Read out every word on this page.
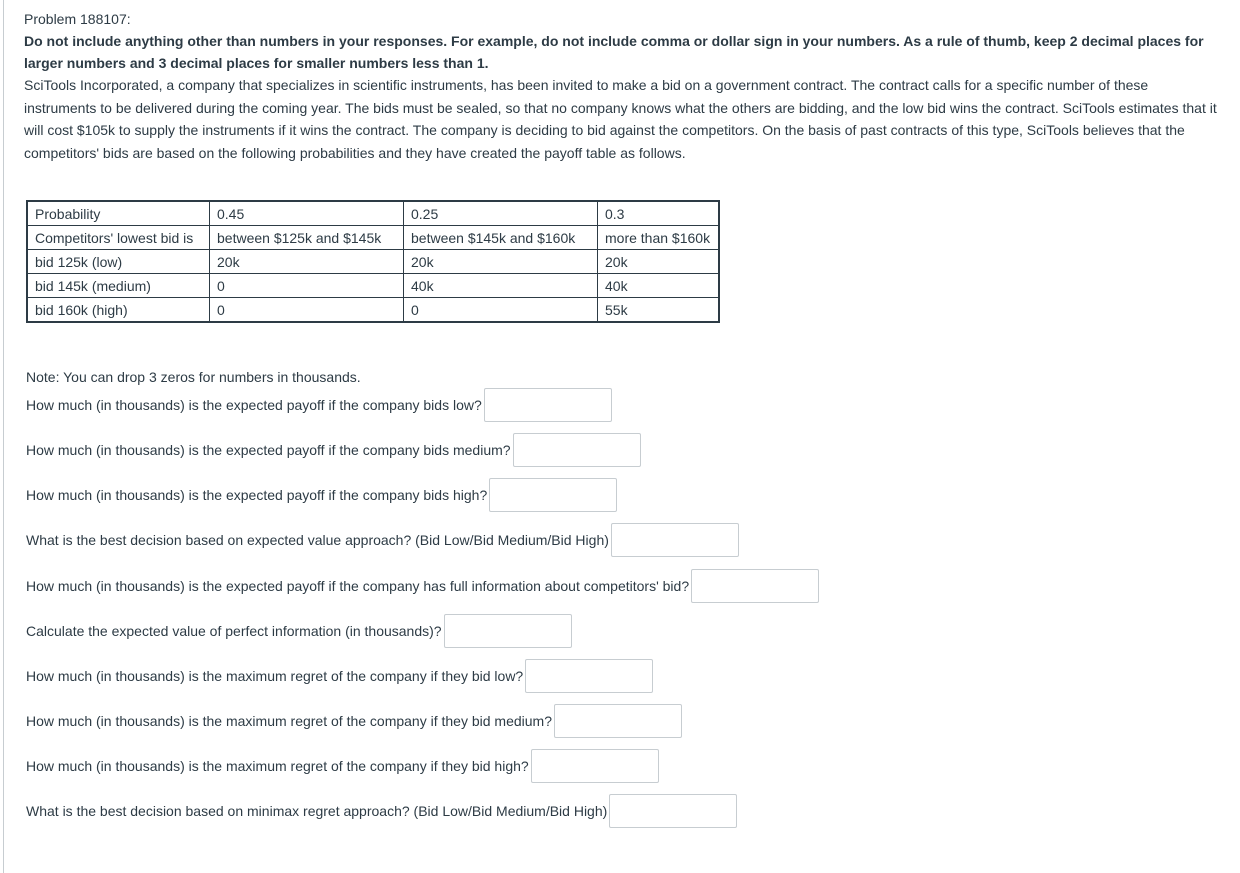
Problem 188107:

Do not include anything other than numbers in your responses. For example, do not include comma or dollar sign in your numbers. As a rule of thumb, keep 2 decimal places for larger numbers and 3 decimal places for smaller numbers less than 1.

SciTools Incorporated, a company that specializes in scientific instruments, has been invited to make a bid on a government contract. The contract calls for a specific number of these instruments to be delivered during the coming year. The bids must be sealed, so that no company knows what the others are bidding, and the low bid wins the contract. SciTools estimates that it will cost $105k to supply the instruments if it wins the contract. The company is deciding to bid against the competitors. On the basis of past contracts of this type, SciTools believes that the competitors' bids are based on the following probabilities and they have created the payoff table as follows.

Probability	0.45	0.25	0.3
Competitors' lowest bid is	between $125k and $145k	between $145k and $160k	more than $160k
bid 125k (low)	20k	20k	20k
bid 145k (medium)	0	40k	40k
bid 160k (high)	0	0	55k
Note: You can drop 3 zeros for numbers in thousands.
How much (in thousands) is the expected payoff if the company bids low?
How much (in thousands) is the expected payoff if the company bids medium?
How much (in thousands) is the expected payoff if the company bids high?
What is the best decision based on expected value approach? (Bid Low/Bid Medium/Bid High)
How much (in thousands) is the expected payoff if the company has full information about competitors' bid?
Calculate the expected value of perfect information (in thousands)?
How much (in thousands) is the maximum regret of the company if they bid low?
How much (in thousands) is the maximum regret of the company if they bid medium?
How much (in thousands) is the maximum regret of the company if they bid high?
What is the best decision based on minimax regret approach? (Bid Low/Bid Medium/Bid High)
